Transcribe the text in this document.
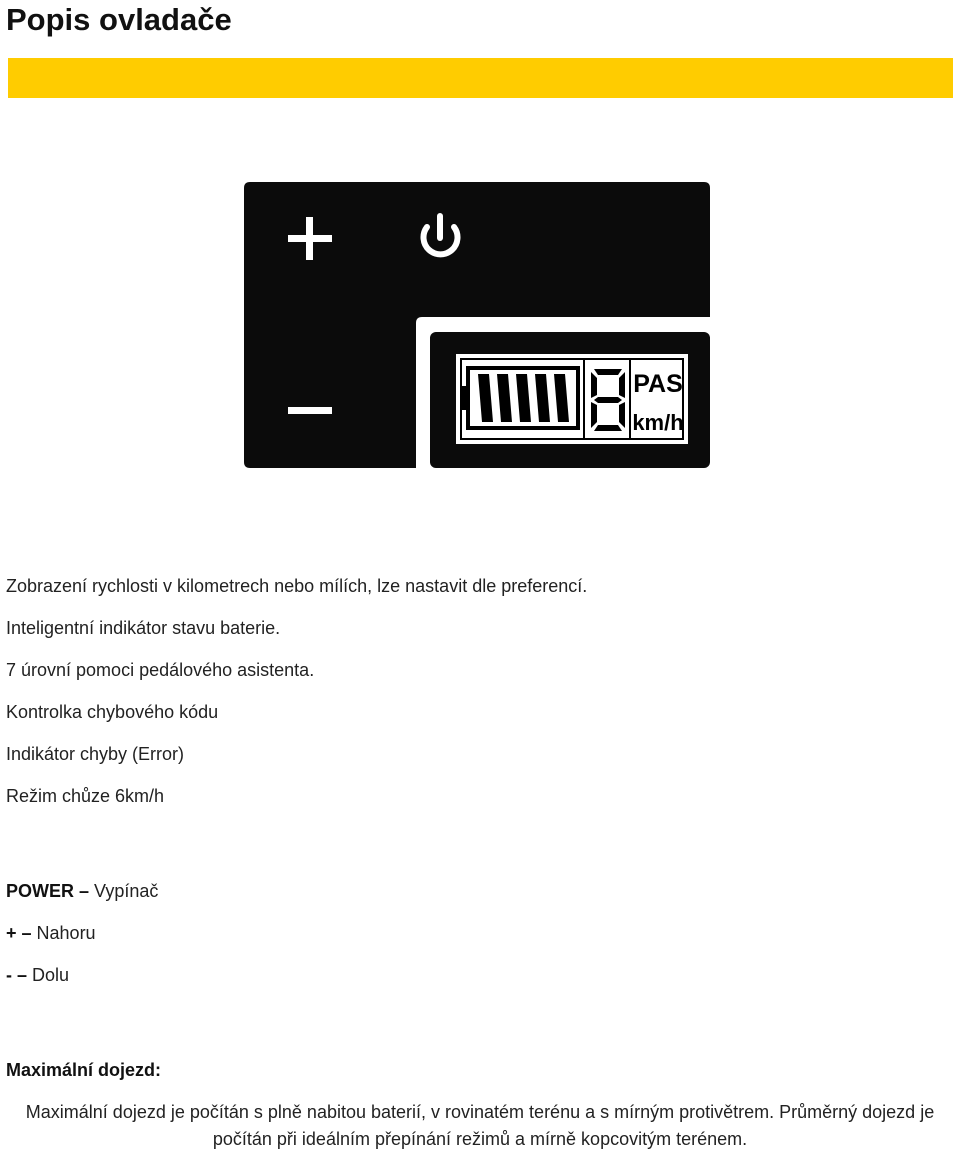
Popis ovladače
PAS
km/h
Zobrazení rychlosti v kilometrech nebo mílích, lze nastavit dle preferencí.
Inteligentní indikátor stavu baterie.
7 úrovní pomoci pedálového asistenta.
Kontrolka chybového kódu
Indikátor chyby (Error)
Režim chůze 6km/h
POWER – Vypínač
+ – Nahoru
- – Dolu
Maximální dojezd:
Maximální dojezd je počítán s plně nabitou baterií, v rovinatém terénu a s mírným protivětrem. Průměrný dojezd je počítán při ideálním přepínání režimů a mírně kopcovitým terénem.
